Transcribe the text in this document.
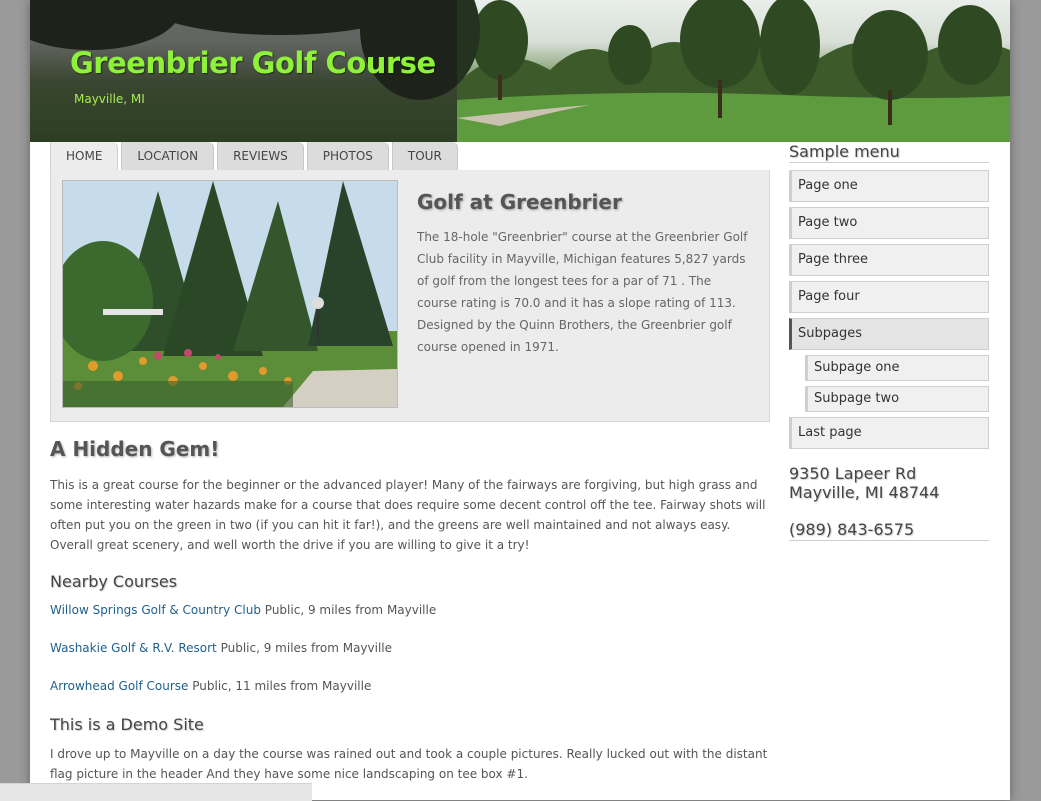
Greenbrier Golf Course
Mayville, MI
HOME	LOCATION	REVIEWS	PHOTOS	TOUR
Golf at Greenbrier
The 18-hole "Greenbrier" course at the Greenbrier Golf Club facility in Mayville, Michigan features 5,827 yards of golf from the longest tees for a par of 71 . The course rating is 70.0 and it has a slope rating of 113. Designed by the Quinn Brothers, the Greenbrier golf course opened in 1971.
A Hidden Gem!

This is a great course for the beginner or the advanced player! Many of the fairways are forgiving, but high grass and some interesting water hazards make for a course that does require some decent control off the tee. Fairway shots will often put you on the green in two (if you can hit it far!), and the greens are well maintained and not always easy. Overall great scenery, and well worth the drive if you are willing to give it a try!

Nearby Courses

Willow Springs Golf & Country Club Public, 9 miles from Mayville

Washakie Golf & R.V. Resort Public, 9 miles from Mayville

Arrowhead Golf Course Public, 11 miles from Mayville

This is a Demo Site

I drove up to Mayville on a day the course was rained out and took a couple pictures. Really lucked out with the distant flag picture in the header And they have some nice landscaping on tee box #1.

Sample menu
Page one
Page two
Page three
Page four
Subpages
Subpage one
Subpage two
Last page
9350 Lapeer Rd
Mayville, MI 48744
(989) 843-6575
